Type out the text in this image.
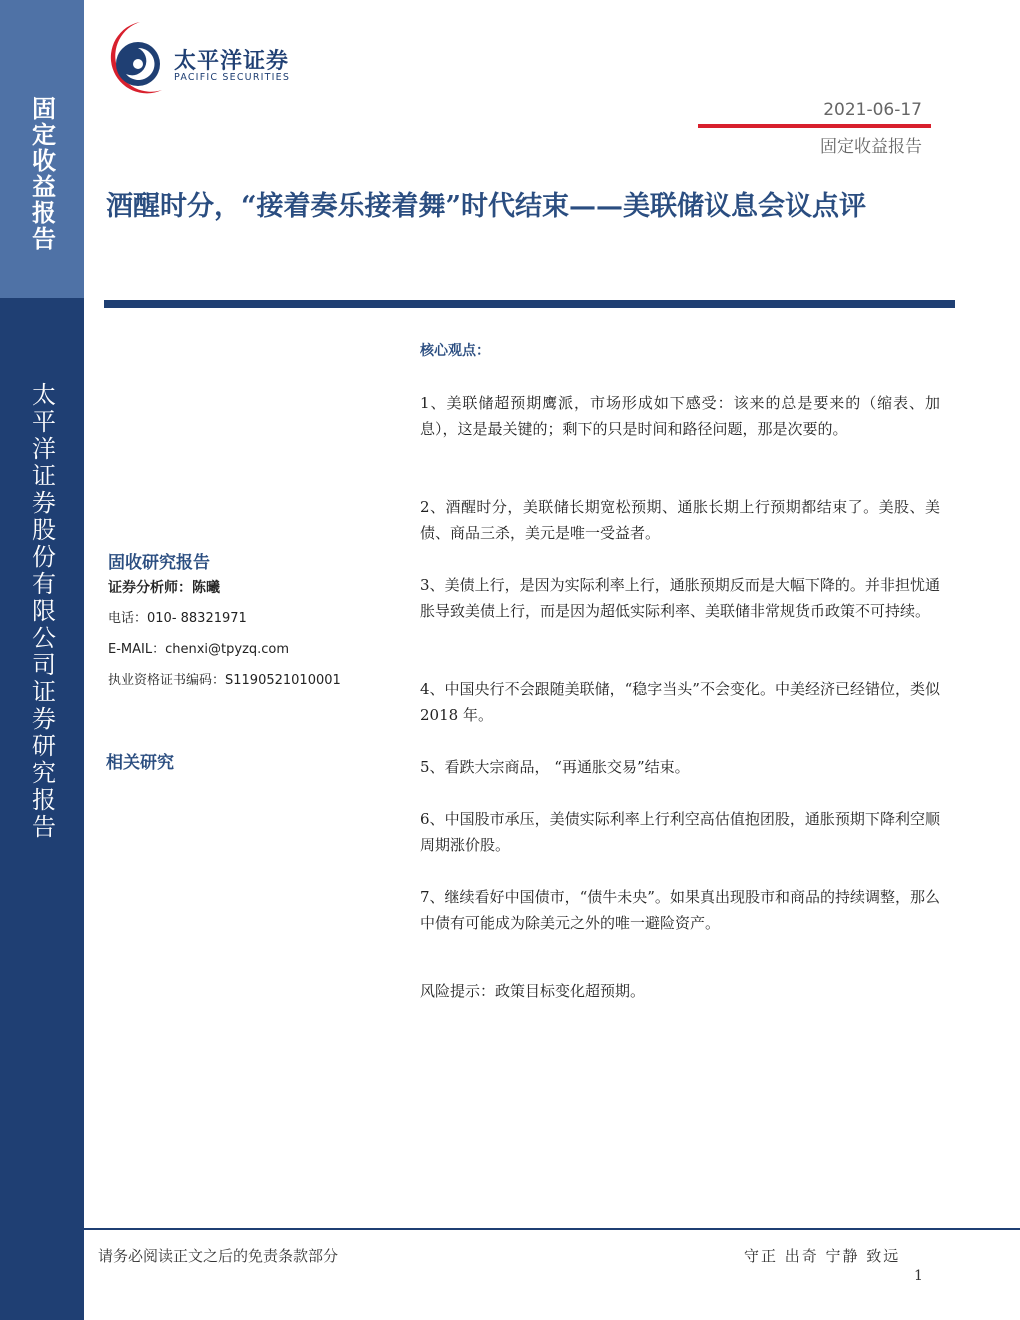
固定收益报告
太平洋证券股份有限公司证券研究报告
太平洋证券
PACIFIC SECURITIES
2021-06-17
固定收益报告
酒醒时分，“接着奏乐接着舞”时代结束——美联储议息会议点评
固收研究报告
证券分析师：陈曦
电话：010- 88321971
E-MAIL：chenxi@tpyzq.com
执业资格证书编码：S1190521010001
相关研究
核心观点：
1、美联储超预期鹰派，市场形成如下感受：该来的总是要来的（缩表、加息），这是最关键的；剩下的只是时间和路径问题，那是次要的。
2、酒醒时分，美联储长期宽松预期、通胀长期上行预期都结束了。美股、美债、商品三杀，美元是唯一受益者。
3、美债上行，是因为实际利率上行，通胀预期反而是大幅下降的。并非担忧通胀导致美债上行，而是因为超低实际利率、美联储非常规货币政策不可持续。
4、中国央行不会跟随美联储，“稳字当头”不会变化。中美经济已经错位，类似 2018 年。
5、看跌大宗商品， “再通胀交易”结束。
6、中国股市承压，美债实际利率上行利空高估值抱团股，通胀预期下降利空顺周期涨价股。
7、继续看好中国债市，“债牛未央”。如果真出现股市和商品的持续调整，那么中债有可能成为除美元之外的唯一避险资产。
风险提示：政策目标变化超预期。
请务必阅读正文之后的免责条款部分	守正 出奇 宁静 致远
1
